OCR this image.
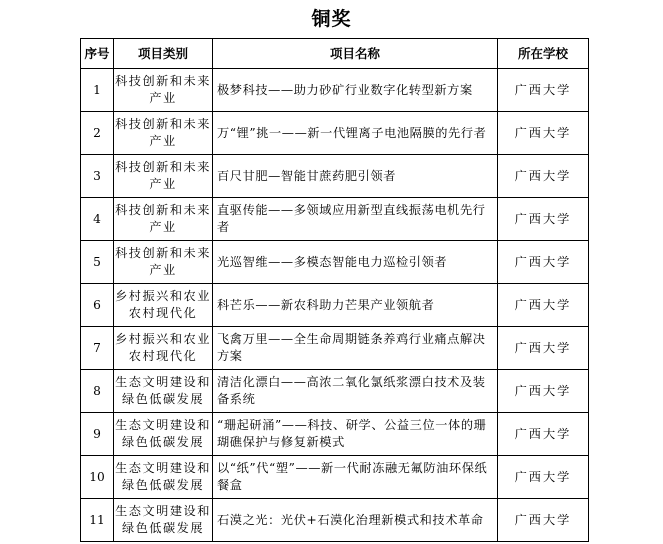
铜奖
序号	项目类别	项目名称	所在学校
1	科技创新和未来产业	极梦科技——助力砂矿行业数字化转型新方案	广西大学
2	科技创新和未来产业	万“锂”挑一——新一代锂离子电池隔膜的先行者	广西大学
3	科技创新和未来产业	百尺甘肥—智能甘蔗药肥引领者	广西大学
4	科技创新和未来产业	直驱传能——多领域应用新型直线振荡电机先行者	广西大学
5	科技创新和未来产业	光巡智维——多模态智能电力巡检引领者	广西大学
6	乡村振兴和农业农村现代化	科芒乐——新农科助力芒果产业领航者	广西大学
7	乡村振兴和农业农村现代化	飞禽万里——全生命周期链条养鸡行业痛点解决方案	广西大学
8	生态文明建设和绿色低碳发展	清洁化漂白——高浓二氧化氯纸浆漂白技术及装备系统	广西大学
9	生态文明建设和绿色低碳发展	“珊起研涌”——科技、研学、公益三位一体的珊瑚礁保护与修复新模式	广西大学
10	生态文明建设和绿色低碳发展	以“纸”代“塑”——新一代耐冻融无氟防油环保纸餐盒	广西大学
11	生态文明建设和绿色低碳发展	石漠之光：光伏+石漠化治理新模式和技术革命	广西大学
